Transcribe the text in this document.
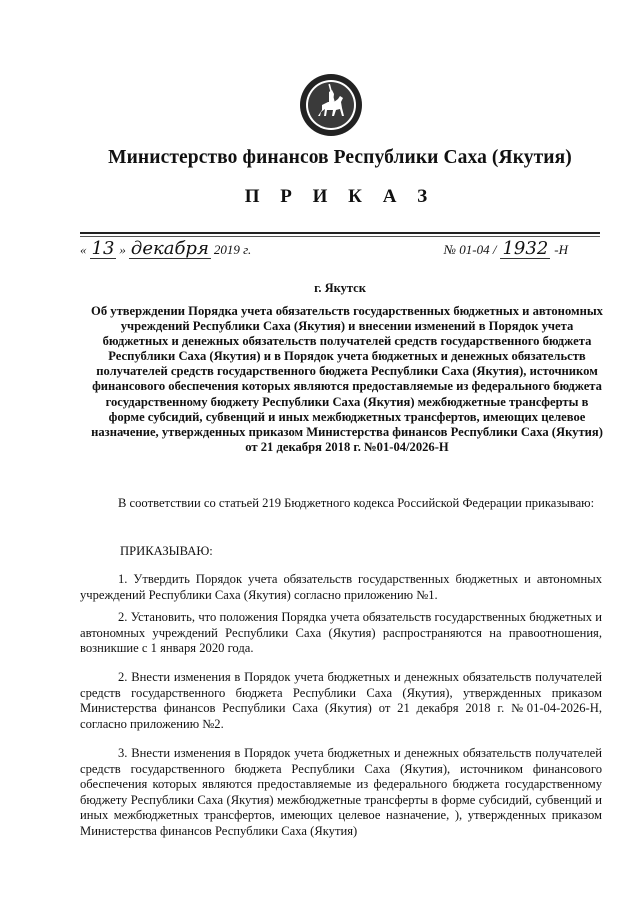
Министерство финансов Республики Саха (Якутия)
П Р И К А З
« 13 » декабря 2019 г.	№ 01-04 / 1932 -Н
г. Якутск
Об утверждении Порядка учета обязательств государственных бюджетных и автономных учреждений Республики Саха (Якутия) и внесении изменений в Порядок учета бюджетных и денежных обязательств получателей средств государственного бюджета Республики Саха (Якутия) и в Порядок учета бюджетных и денежных обязательств получателей средств государственного бюджета Республики Саха (Якутия), источником финансового обеспечения которых являются предоставляемые из федерального бюджета государственному бюджету Республики Саха (Якутия) межбюджетные трансферты в форме субсидий, субвенций и иных межбюджетных трансфертов, имеющих целевое назначение, утвержденных приказом Министерства финансов Республики Саха (Якутия) от 21 декабря 2018 г. №01-04/2026-Н
В соответствии со статьей 219 Бюджетного кодекса Российской Федерации приказываю:
ПРИКАЗЫВАЮ:
1. Утвердить Порядок учета обязательств государственных бюджетных и автономных учреждений Республики Саха (Якутия) согласно приложению №1.
2. Установить, что положения Порядка учета обязательств государственных бюджетных и автономных учреждений Республики Саха (Якутия) распространяются на правоотношения, возникшие с 1 января 2020 года.
2. Внести изменения в Порядок учета бюджетных и денежных обязательств получателей средств государственного бюджета Республики Саха (Якутия), утвержденных приказом Министерства финансов Республики Саха (Якутия) от 21 декабря 2018 г. №01-04-2026-Н, согласно приложению №2.
3. Внести изменения в Порядок учета бюджетных и денежных обязательств получателей средств государственного бюджета Республики Саха (Якутия), источником финансового обеспечения которых являются предоставляемые из федерального бюджета государственному бюджету Республики Саха (Якутия) межбюджетные трансферты в форме субсидий, субвенций и иных межбюджетных трансфертов, имеющих целевое назначение, ), утвержденных приказом Министерства финансов Республики Саха (Якутия)
